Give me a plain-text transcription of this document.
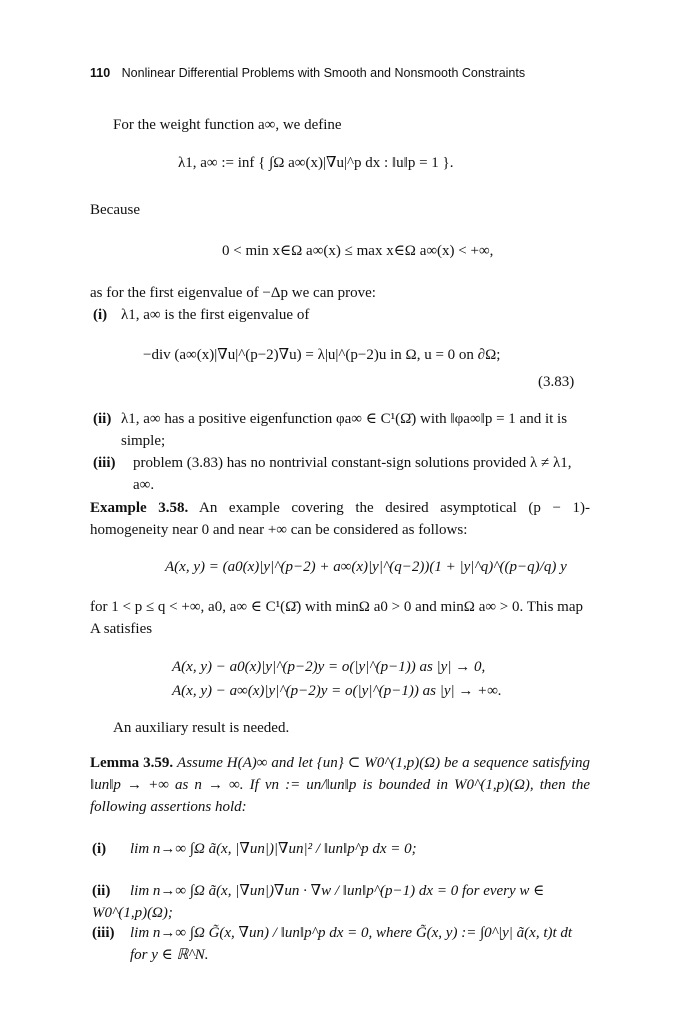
110 Nonlinear Differential Problems with Smooth and Nonsmooth Constraints
For the weight function a∞, we define
λ1, a∞ := inf { ∫Ω a∞(x)|∇u|^p dx : ‖u‖p = 1 }.
Because
0 < min x∈Ω a∞(x) ≤ max x∈Ω a∞(x) < +∞,
as for the first eigenvalue of −Δp we can prove:
(i) λ1, a∞ is the first eigenvalue of
−div (a∞(x)|∇u|^(p−2)∇u) = λ|u|^(p−2)u in Ω, u = 0 on ∂Ω;
(3.83)
(ii) λ1, a∞ has a positive eigenfunction φa∞ ∈ C¹(Ω̄) with ‖φa∞‖p = 1 and it is simple;
(iii) problem (3.83) has no nontrivial constant-sign solutions provided λ ≠ λ1, a∞.
Example 3.58. An example covering the desired asymptotical (p − 1)-homogeneity near 0 and near +∞ can be considered as follows:
A(x, y) = (a0(x)|y|^(p−2) + a∞(x)|y|^(q−2))(1 + |y|^q)^((p−q)/q) y
for 1 < p ≤ q < +∞, a0, a∞ ∈ C¹(Ω̄) with minΩ a0 > 0 and minΩ a∞ > 0. This map A satisfies
A(x, y) − a0(x)|y|^(p−2)y = o(|y|^(p−1)) as |y| → 0,
A(x, y) − a∞(x)|y|^(p−2)y = o(|y|^(p−1)) as |y| → +∞.
An auxiliary result is needed.
Lemma 3.59. Assume H(A)∞ and let {un} ⊂ W0^(1,p)(Ω) be a sequence satisfying ‖un‖p → +∞ as n → ∞. If vn := un/‖un‖p is bounded in W0^(1,p)(Ω), then the following assertions hold:
(i) lim n→∞ ∫Ω ã(x, |∇un|)|∇un|² / ‖un‖p^p dx = 0;
(ii) lim n→∞ ∫Ω ã(x, |∇un|)∇un · ∇w / ‖un‖p^(p−1) dx = 0 for every w ∈ W0^(1,p)(Ω);
(iii) lim n→∞ ∫Ω G̃(x, ∇un) / ‖un‖p^p dx = 0, where G̃(x, y) := ∫0^|y| ã(x, t)t dt for y ∈ ℝ^N.
